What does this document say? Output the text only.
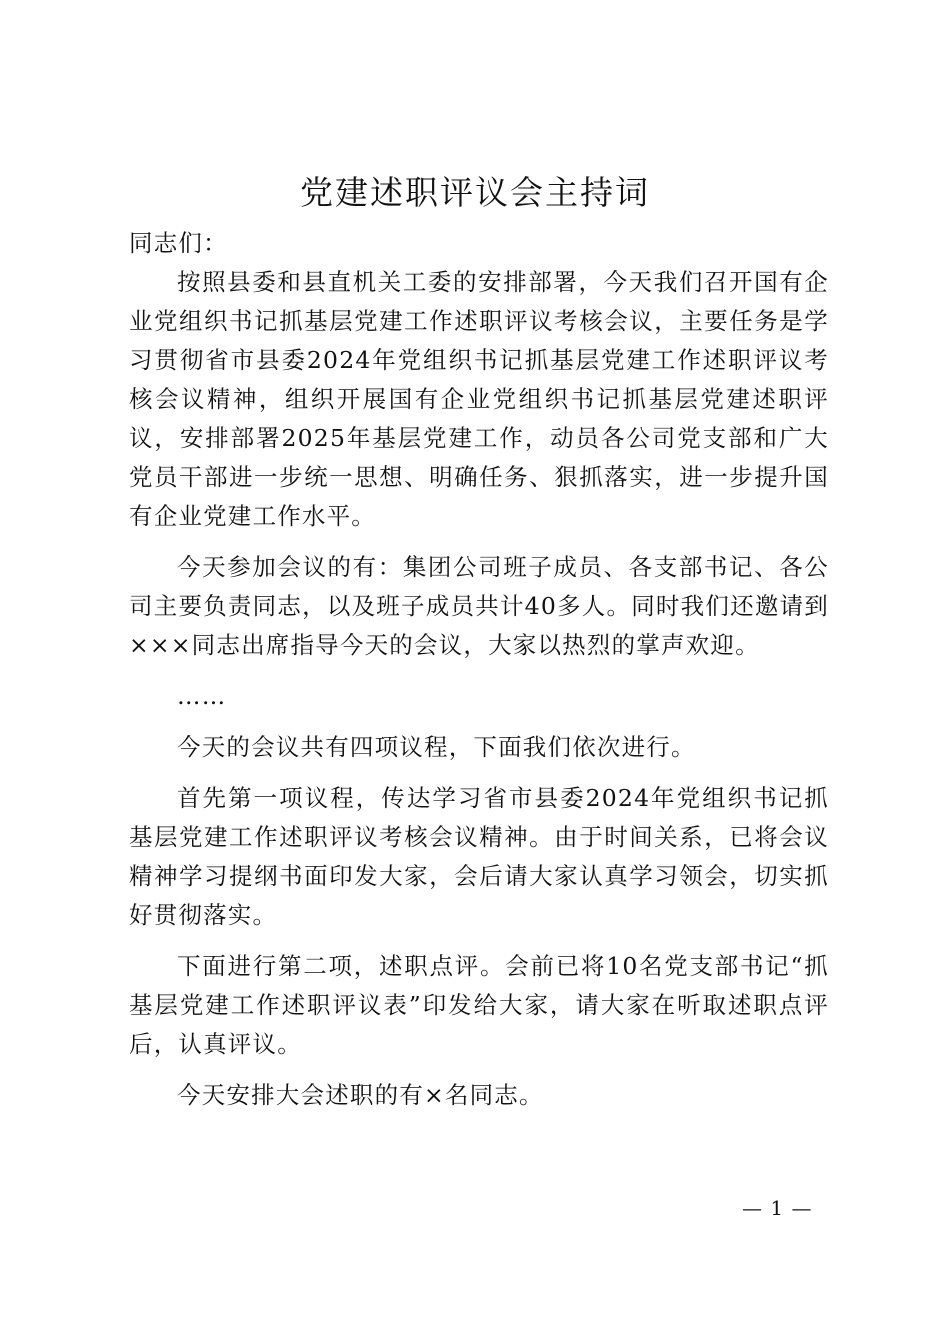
党建述职评议会主持词

同志们：

按照县委和县直机关工委的安排部署，今天我们召开国有企业党组织书记抓基层党建工作述职评议考核会议，主要任务是学习贯彻省市县委2024年党组织书记抓基层党建工作述职评议考核会议精神，组织开展国有企业党组织书记抓基层党建述职评议，安排部署2025年基层党建工作，动员各公司党支部和广大党员干部进一步统一思想、明确任务、狠抓落实，进一步提升国有企业党建工作水平。

今天参加会议的有：集团公司班子成员、各支部书记、各公司主要负责同志，以及班子成员共计40多人。同时我们还邀请到×××同志出席指导今天的会议，大家以热烈的掌声欢迎。

……

今天的会议共有四项议程，下面我们依次进行。

首先第一项议程，传达学习省市县委2024年党组织书记抓基层党建工作述职评议考核会议精神。由于时间关系，已将会议精神学习提纲书面印发大家，会后请大家认真学习领会，切实抓好贯彻落实。

下面进行第二项，述职点评。会前已将10名党支部书记“抓基层党建工作述职评议表”印发给大家，请大家在听取述职点评后，认真评议。

今天安排大会述职的有×名同志。

— 1 —
